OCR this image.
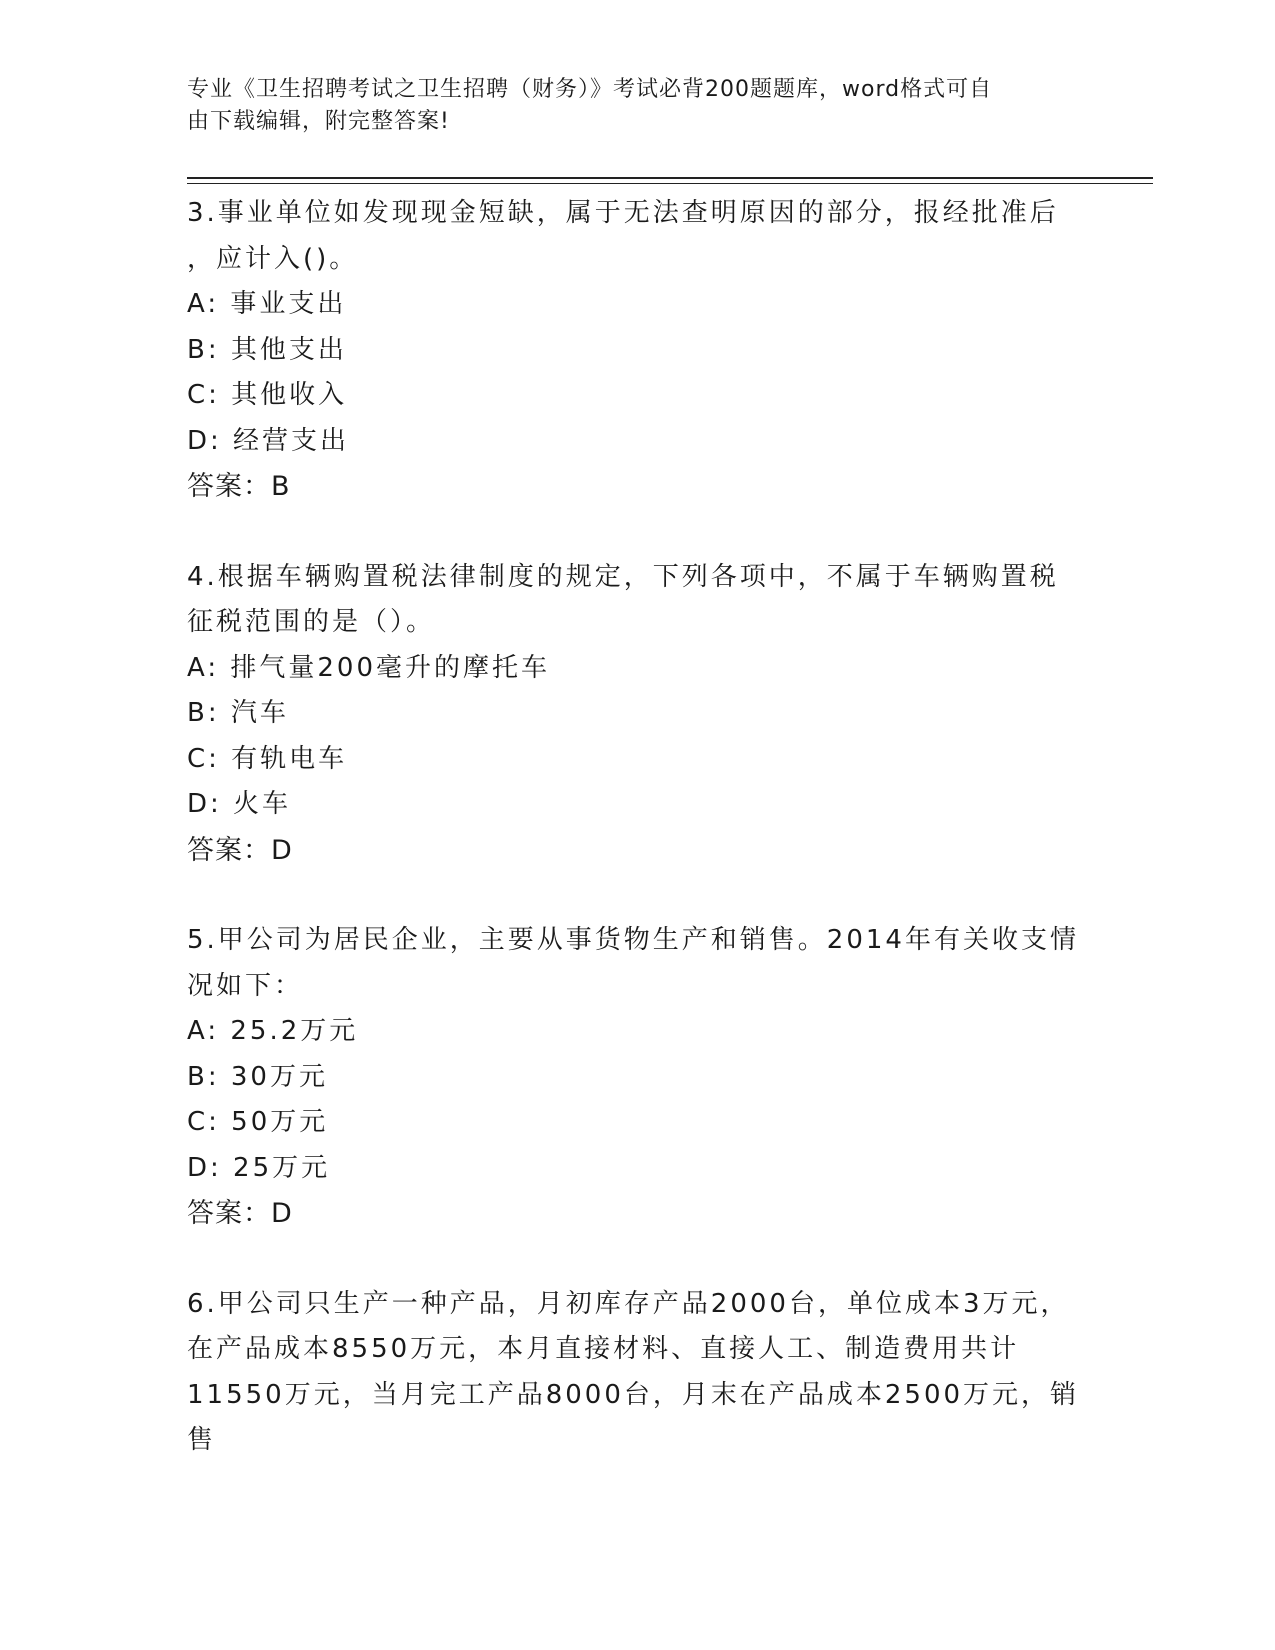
专业《卫生招聘考试之卫生招聘（财务）》考试必背200题题库，word格式可自
由下载编辑，附完整答案!

3.事业单位如发现现金短缺，属于无法查明原因的部分，报经批准后

，应计入()。

A: 事业支出

B: 其他支出

C: 其他收入

D: 经营支出

答案：B

4.根据车辆购置税法律制度的规定，下列各项中，不属于车辆购置税

征税范围的是（）。

A: 排气量200毫升的摩托车

B: 汽车

C: 有轨电车

D: 火车

答案：D

5.甲公司为居民企业，主要从事货物生产和销售。2014年有关收支情

况如下：

A: 25.2万元

B: 30万元

C: 50万元

D: 25万元

答案：D

6.甲公司只生产一种产品，月初库存产品2000台，单位成本3万元，

在产品成本8550万元，本月直接材料、直接人工、制造费用共计

11550万元，当月完工产品8000台，月末在产品成本2500万元，销售
